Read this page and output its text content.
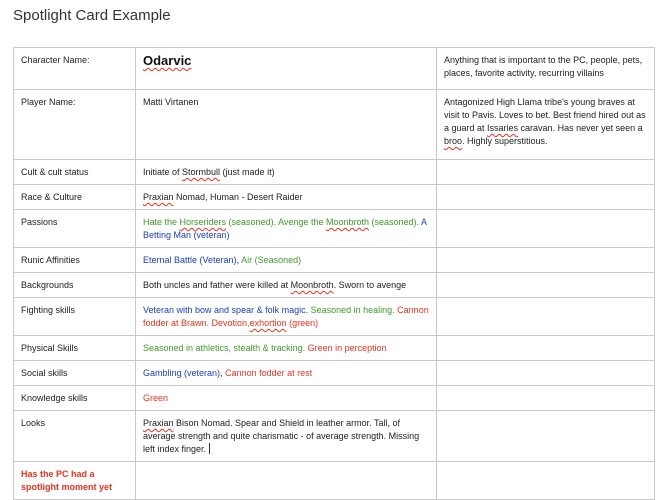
Spotlight Card Example
Character Name:	Odarvic	Anything that is important to the PC, people, pets, places, favorite activity, recurring villains
Player Name:	Matti Virtanen	Antagonized High Llama tribe's young braves at visit to Pavis. Loves to bet. Best friend hired out as a guard at Issaries caravan. Has never yet seen a broo. Highly superstitious.
Cult & cult status	Initiate of Stormbull (just made it)	
Race & Culture	Praxian Nomad, Human - Desert Raider	
Passions	Hate the Horseriders (seasoned). Avenge the Moonbroth (seasoned). A Betting Man (veteran)	
Runic Affinities	Eternal Battle (Veteran), Air (Seasoned)	
Backgrounds	Both uncles and father were killed at Moonbroth. Sworn to avenge	
Fighting skills	Veteran with bow and spear & folk magic. Seasoned in healing. Cannon fodder at Brawn. Devotion,exhortion (green)	
Physical Skills	Seasoned in athletics, stealth & tracking. Green in perception	
Social skills	Gambling (veteran), Cannon fodder at rest	
Knowledge skills	Green	
Looks	Praxian Bison Nomad. Spear and Shield in leather armor. Tall, of average strength and quite charismatic - of average strength. Missing left index finger.	
Has the PC had a spotlight moment yet		
